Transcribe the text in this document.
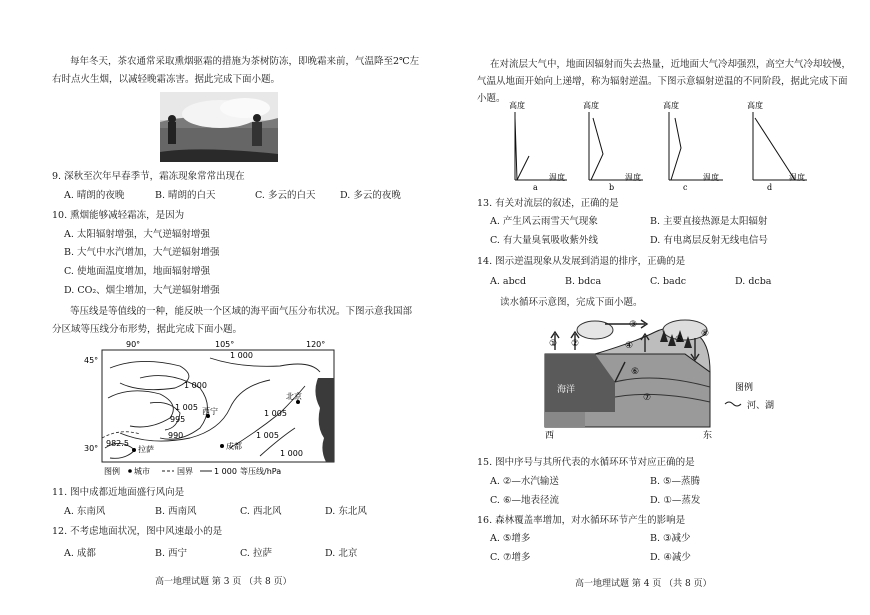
每年冬天，茶农通常采取熏烟驱霜的措施为茶树防冻，即晚霜来前，气温降至2℃左
右时点火生烟，以减轻晚霜冻害。据此完成下面小题。
9. 深秋至次年早春季节，霜冻现象常常出现在
A. 晴朗的夜晚	B. 晴朗的白天	C. 多云的白天	D. 多云的夜晚
10. 熏烟能够减轻霜冻，是因为
A. 太阳辐射增强，大气逆辐射增强
B. 大气中水汽增加，大气逆辐射增强
C. 使地面温度增加，地面辐射增强
D. CO₂、烟尘增加，大气逆辐射增强
等压线是等值线的一种，能反映一个区域的海平面气压分布状况。下图示意我国部
分区域等压线分布形势，据此完成下面小题。
90°	105°	120°
45°
30°
1 000
1 005
995
990
1 000
1 005
1 005
1 000
982.5
北京
西宁
成都
拉萨
图例 城市	国界	1 000 等压线/hPa
11. 图中成都近地面盛行风向是
A. 东南风	B. 西南风	C. 西北风	D. 东北风
12. 不考虑地面状况，图中风速最小的是
A. 成都	B. 西宁	C. 拉萨	D. 北京
高一地理试题 第 3 页 （共 8 页）
在对流层大气中，地面因辐射而失去热量，近地面大气冷却强烈，高空大气冷却较慢，
气温从地面开始向上递增，称为辐射逆温。下图示意辐射逆温的不同阶段，据此完成下面
小题。
高度
a
温度
高度
b
温度
高度
c
温度
高度
d
温度
13. 有关对流层的叙述，正确的是
A. 产生风云雨雪天气现象	B. 主要直接热源是太阳辐射
C. 有大量臭氧吸收紫外线	D. 有电离层反射无线电信号
14. 图示逆温现象从发展到消退的排序，正确的是
A. abcd	B. bdca	C. badc	D. dcba
读水循环示意图，完成下面小题。
海洋
③
① ②	④
⑤
⑥
⑦
⑧
西	东
图例
河、湖
15. 图中序号与其所代表的水循环环节对应正确的是
A. ②—水汽输送	B. ⑤—蒸腾
C. ⑥—地表径流	D. ①—蒸发
16. 森林覆盖率增加，对水循环环节产生的影响是
A. ⑤增多	B. ③减少
C. ⑦增多	D. ④减少
高一地理试题 第 4 页 （共 8 页）
